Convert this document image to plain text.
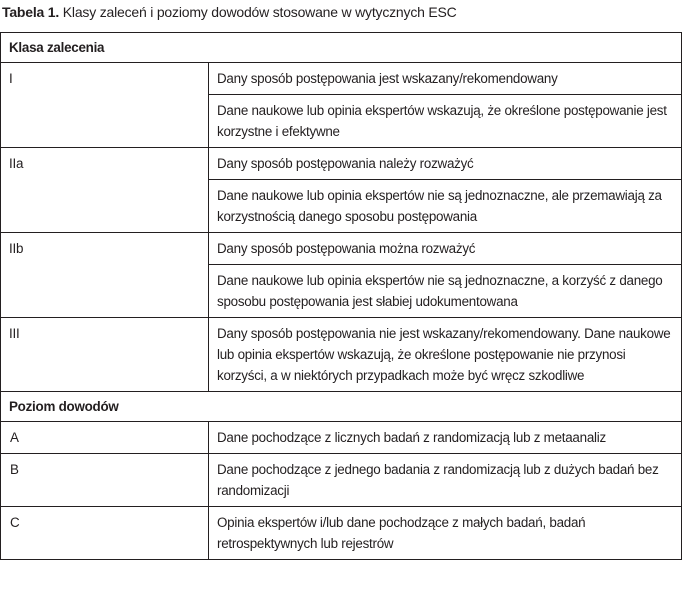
Tabela 1. Klasy zaleceń i poziomy dowodów stosowane w wytycznych ESC
Klasa zalecenia	
I	Dany sposób postępowania jest wskazany/rekomendowany
	Dane naukowe lub opinia ekspertów wskazują, że określone postępowanie jest korzystne i efektywne
IIa	Dany sposób postępowania należy rozważyć
	Dane naukowe lub opinia ekspertów nie są jednoznaczne, ale przemawiają za korzystnością danego sposobu postępowania
IIb	Dany sposób postępowania można rozważyć
	Dane naukowe lub opinia ekspertów nie są jednoznaczne, a korzyść z danego sposobu postępowania jest słabiej udokumentowana
III	Dany sposób postępowania nie jest wskazany/rekomendowany. Dane naukowe lub opinia ekspertów wskazują, że określone postępowanie nie przynosi korzyści, a w niektórych przypadkach może być wręcz szkodliwe
Poziom dowodów	
A	Dane pochodzące z licznych badań z randomizacją lub z metaanaliz
B	Dane pochodzące z jednego badania z randomizacją lub z dużych badań bez randomizacji
C	Opinia ekspertów i/lub dane pochodzące z małych badań, badań retrospektywnych lub rejestrów
